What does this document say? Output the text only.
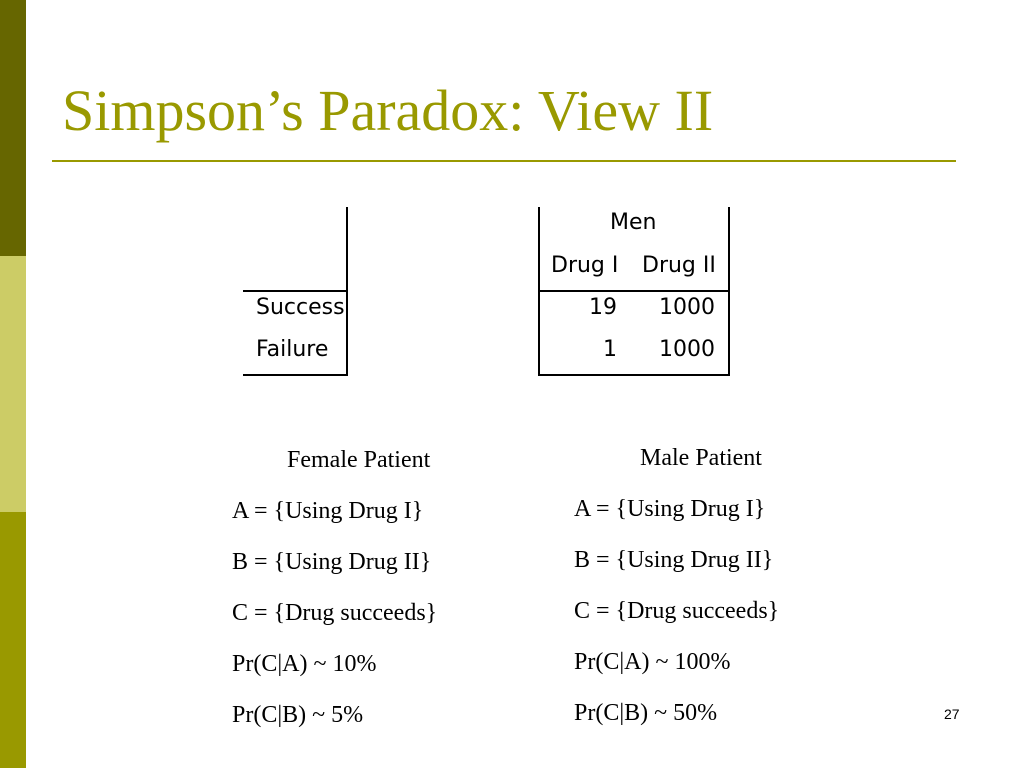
Simpson’s Paradox: View II
Success
Failure
Men
Drug I Drug II
19 1000
1 1000
Female Patient
A = {Using Drug I}
B = {Using Drug II}
C = {Drug succeeds}
Pr(C|A) ~ 10%
Pr(C|B) ~ 5%
Male Patient
A = {Using Drug I}
B = {Using Drug II}
C = {Drug succeeds}
Pr(C|A) ~ 100%
Pr(C|B) ~ 50%	27
